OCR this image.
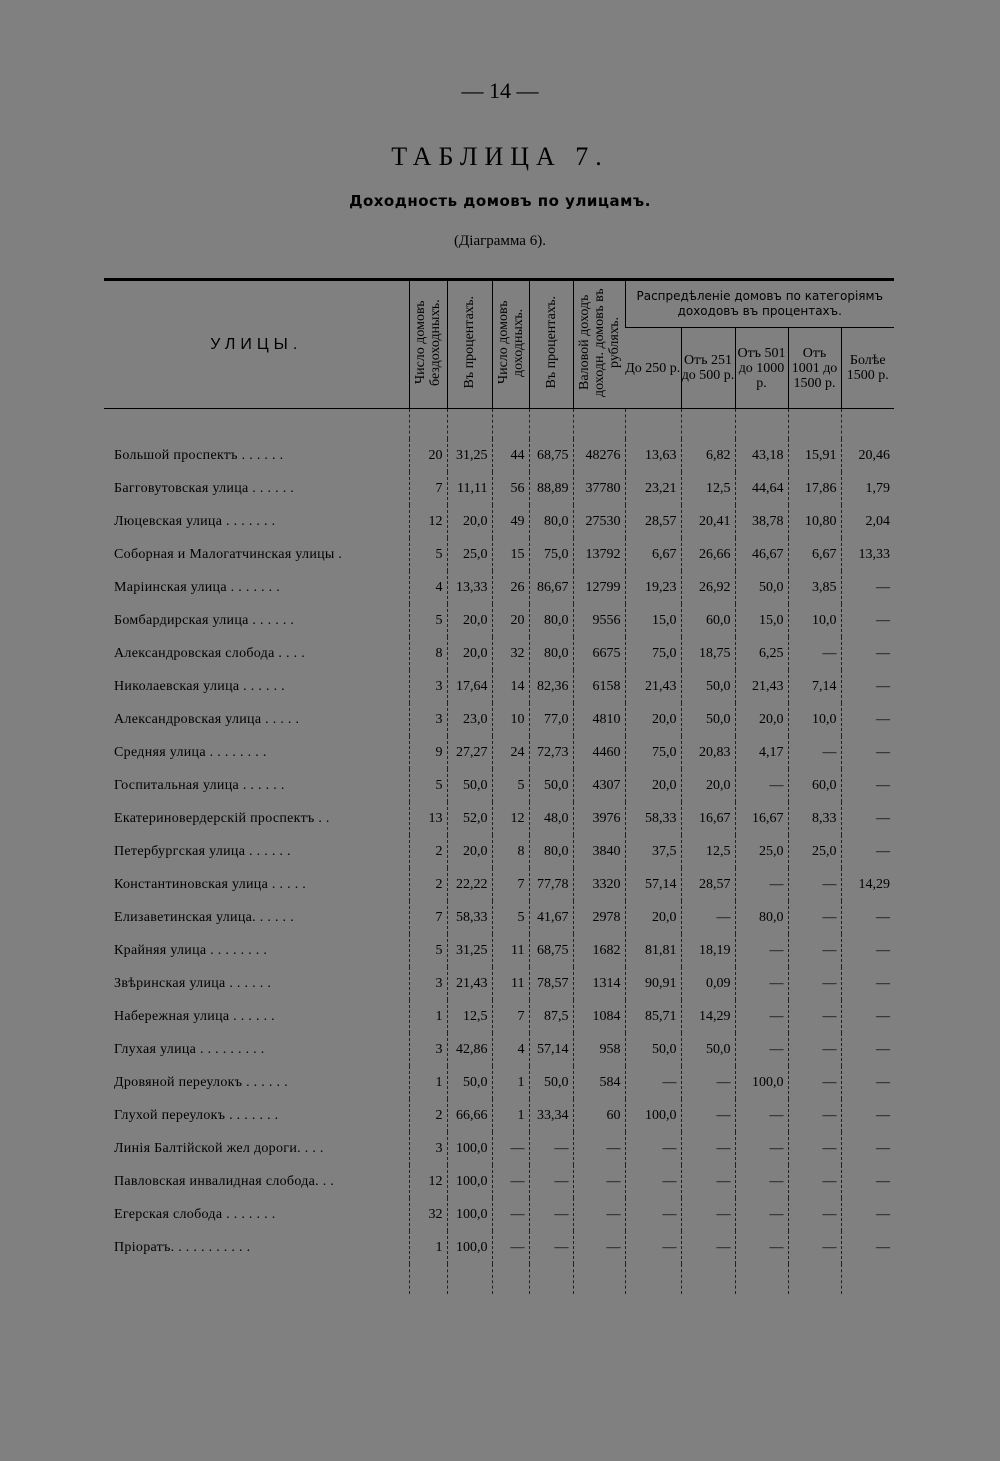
— 14 —
ТАБЛИЦА 7.
Доходность домовъ по улицамъ.
(Діаграмма 6).
УЛИЦЫ.	Число домовъ бездоходныхъ.	Въ процентахъ.	Число домовъ доходныхъ.	Въ процентахъ.	Валовой доходъ доходн. домовъ въ рубляхъ.	Распредѣленіе домовъ по категоріямъ доходовъ въ процентахъ.				

						До 250 р.	Отъ 251 до 500 р.	Отъ 501 до 1000 р.	Отъ 1001 до 1500 р.	Болѣе 1500 р.

Большой проспектъ . . . . . .	20	31,25	44	68,75	48276	13,63	6,82	43,18	15,91	20,46
Багговутовская улица . . . . . .	7	11,11	56	88,89	37780	23,21	12,5	44,64	17,86	1,79
Люцевская улица . . . . . . .	12	20,0	49	80,0	27530	28,57	20,41	38,78	10,80	2,04
Соборная и Малогатчинская улицы .	5	25,0	15	75,0	13792	6,67	26,66	46,67	6,67	13,33
Маріинская улица . . . . . . .	4	13,33	26	86,67	12799	19,23	26,92	50,0	3,85	—
Бомбардирская улица . . . . . .	5	20,0	20	80,0	9556	15,0	60,0	15,0	10,0	—
Александровская слобода . . . .	8	20,0	32	80,0	6675	75,0	18,75	6,25	—	—
Николаевская улица . . . . . .	3	17,64	14	82,36	6158	21,43	50,0	21,43	7,14	—
Александровская улица . . . . .	3	23,0	10	77,0	4810	20,0	50,0	20,0	10,0	—
Средняя улица . . . . . . . .	9	27,27	24	72,73	4460	75,0	20,83	4,17	—	—
Госпитальная улица . . . . . .	5	50,0	5	50,0	4307	20,0	20,0	—	60,0	—
Екатериновердерскій проспектъ . .	13	52,0	12	48,0	3976	58,33	16,67	16,67	8,33	—
Петербургская улица . . . . . .	2	20,0	8	80,0	3840	37,5	12,5	25,0	25,0	—
Константиновская улица . . . . .	2	22,22	7	77,78	3320	57,14	28,57	—	—	14,29
Елизаветинская улица. . . . . .	7	58,33	5	41,67	2978	20,0	—	80,0	—	—
Крайняя улица . . . . . . . .	5	31,25	11	68,75	1682	81,81	18,19	—	—	—
Звѣринская улица . . . . . .	3	21,43	11	78,57	1314	90,91	0,09	—	—	—
Набережная улица . . . . . .	1	12,5	7	87,5	1084	85,71	14,29	—	—	—
Глухая улица . . . . . . . . .	3	42,86	4	57,14	958	50,0	50,0	—	—	—
Дровяной переулокъ . . . . . .	1	50,0	1	50,0	584	—	—	100,0	—	—
Глухой переулокъ . . . . . . .	2	66,66	1	33,34	60	100,0	—	—	—	—
Линія Балтійской жел дороги. . . .	3	100,0	—	—	—	—	—	—	—	—
Павловская инвалидная слобода. . .	12	100,0	—	—	—	—	—	—	—	—
Егерская слобода . . . . . . .	32	100,0	—	—	—	—	—	—	—	—
Пріоратъ. . . . . . . . . . .	1	100,0	—	—	—	—	—	—	—	—
